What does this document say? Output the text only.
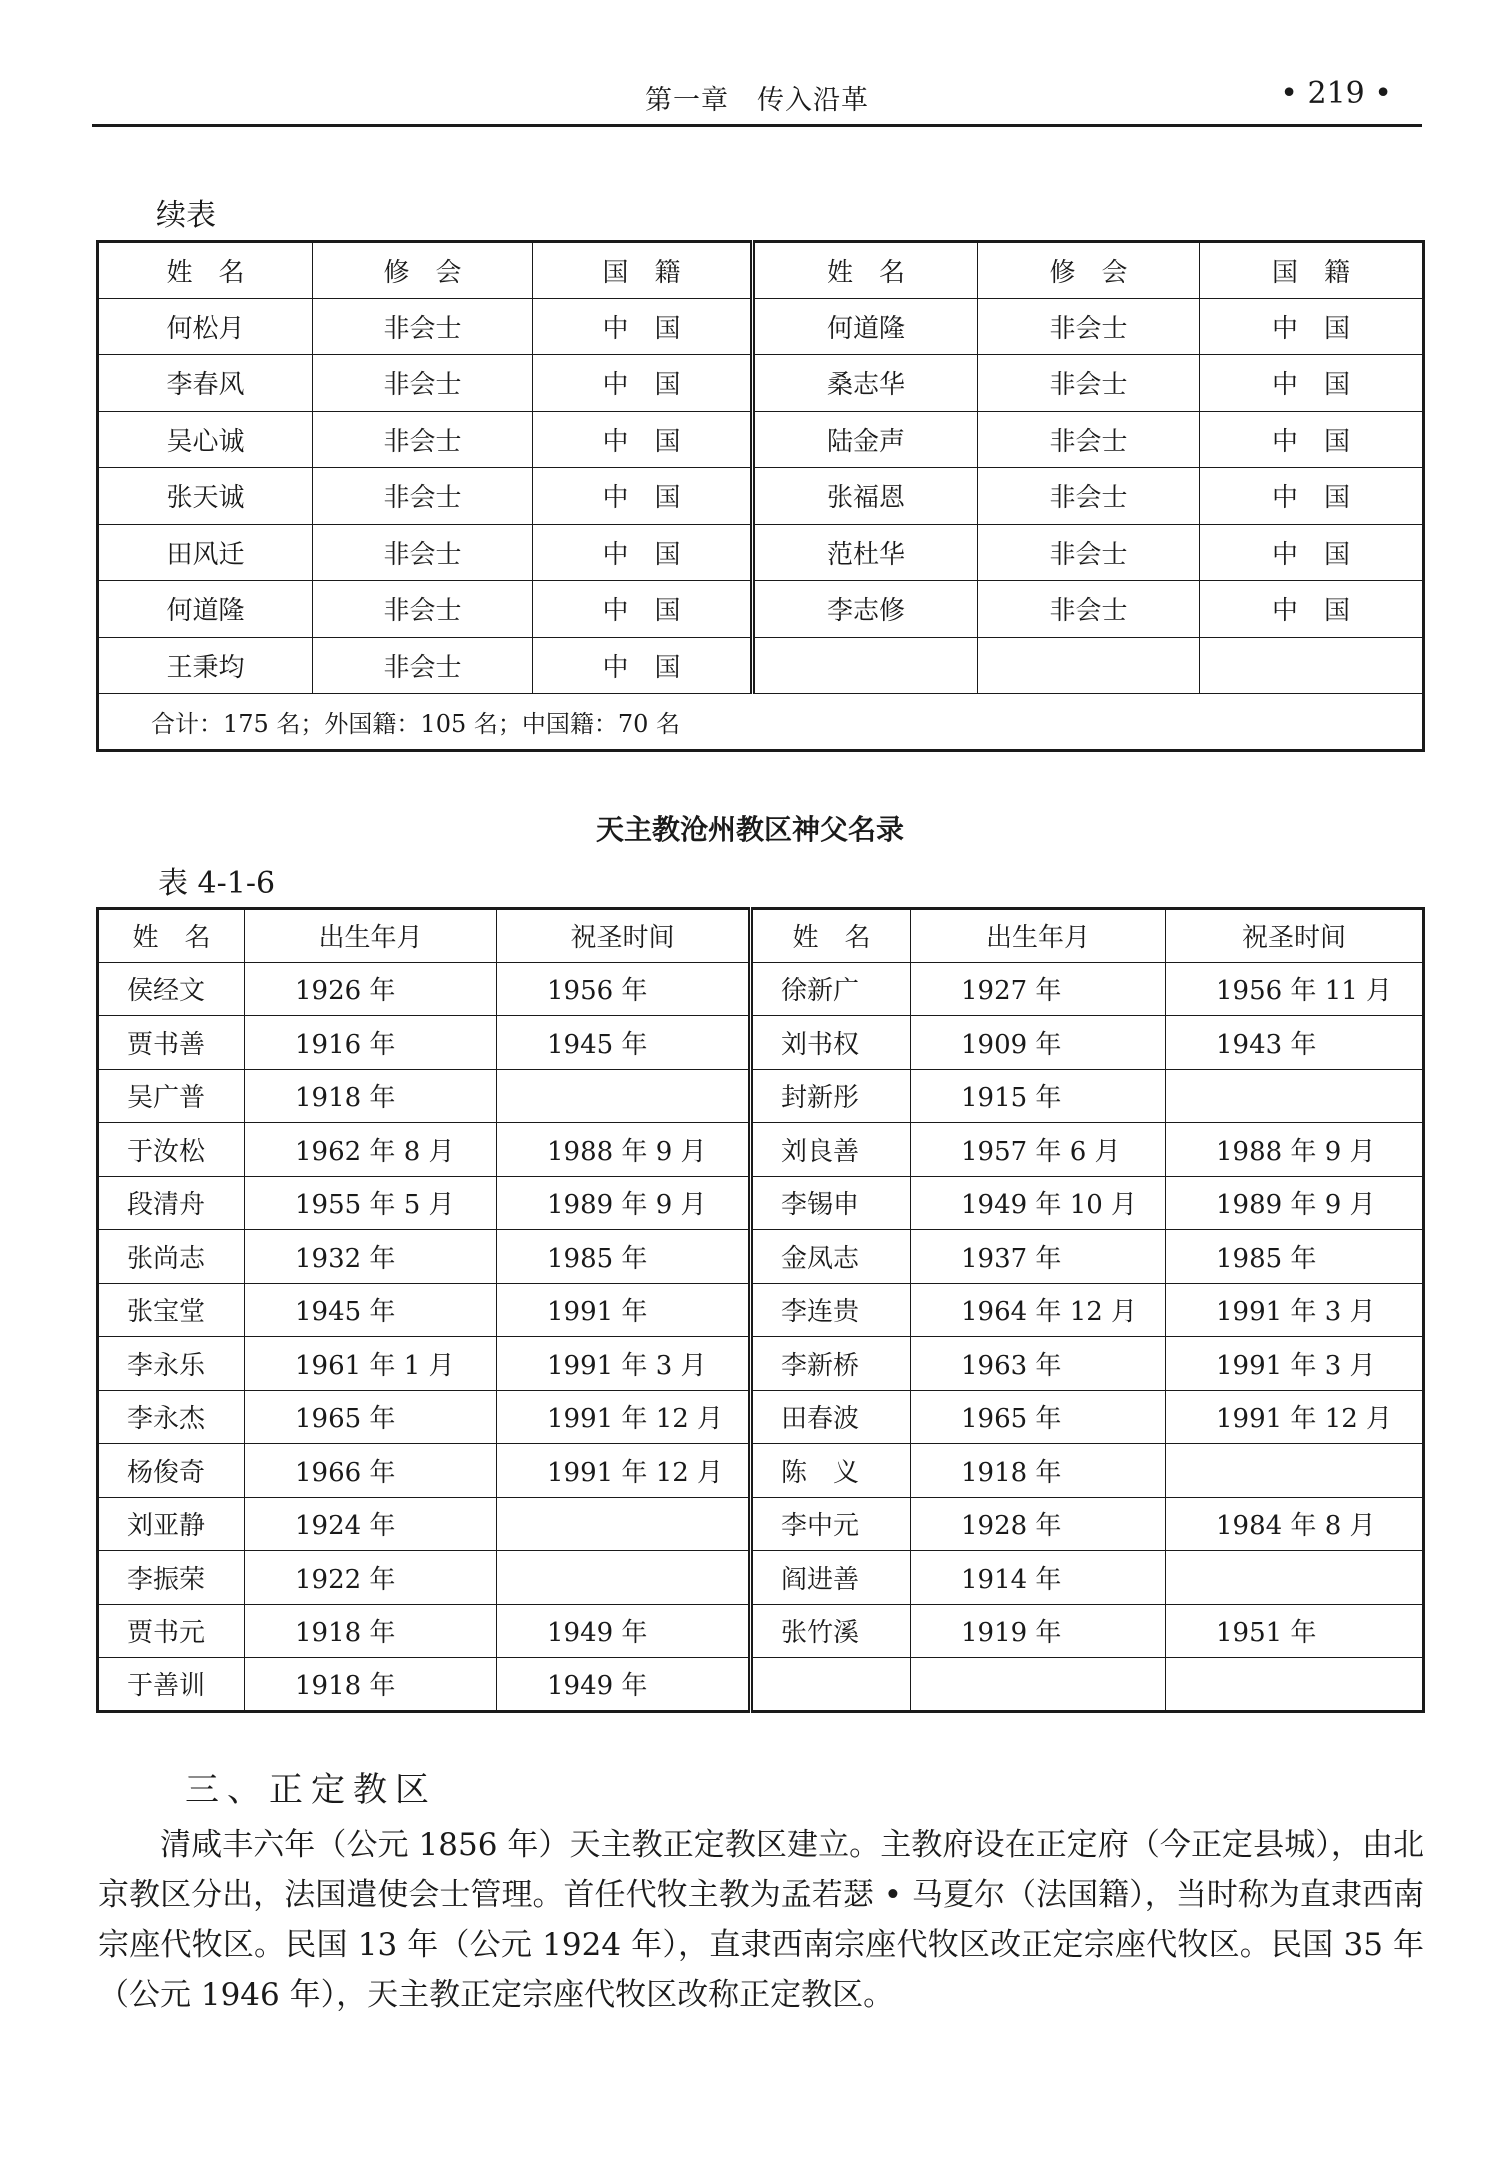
第一章　传入沿革	• 219 •
续表
姓　名	修　会	国　籍	姓　名	修　会	国　籍
何松月	非会士	中　国	何道隆	非会士	中　国
李春风	非会士	中　国	桑志华	非会士	中　国
吴心诚	非会士	中　国	陆金声	非会士	中　国
张天诚	非会士	中　国	张福恩	非会士	中　国
田风迁	非会士	中　国	范杜华	非会士	中　国
何道隆	非会士	中　国	李志修	非会士	中　国
王秉均	非会士	中　国			
合计：175 名；外国籍：105 名；中国籍：70 名					
天主教沧州教区神父名录
表 4-1-6
姓　名	出生年月	祝圣时间	姓　名	出生年月	祝圣时间
侯经文	1926 年	1956 年	徐新广	1927 年	1956 年 11 月
贾书善	1916 年	1945 年	刘书权	1909 年	1943 年
吴广普	1918 年		封新彤	1915 年	
于汝松	1962 年 8 月	1988 年 9 月	刘良善	1957 年 6 月	1988 年 9 月
段清舟	1955 年 5 月	1989 年 9 月	李锡申	1949 年 10 月	1989 年 9 月
张尚志	1932 年	1985 年	金凤志	1937 年	1985 年
张宝堂	1945 年	1991 年	李连贵	1964 年 12 月	1991 年 3 月
李永乐	1961 年 1 月	1991 年 3 月	李新桥	1963 年	1991 年 3 月
李永杰	1965 年	1991 年 12 月	田春波	1965 年	1991 年 12 月
杨俊奇	1966 年	1991 年 12 月	陈　义	1918 年	
刘亚静	1924 年		李中元	1928 年	1984 年 8 月
李振荣	1922 年		阎进善	1914 年	
贾书元	1918 年	1949 年	张竹溪	1919 年	1951 年
于善训	1918 年	1949 年			
三、正定教区
清咸丰六年（公元 1856 年）天主教正定教区建立。主教府设在正定府（今正定县城），由北京教区分出，法国遣使会士管理。首任代牧主教为孟若瑟 • 马夏尔（法国籍），当时称为直隶西南宗座代牧区。民国 13 年（公元 1924 年），直隶西南宗座代牧区改正定宗座代牧区。民国 35 年（公元 1946 年），天主教正定宗座代牧区改称正定教区。
